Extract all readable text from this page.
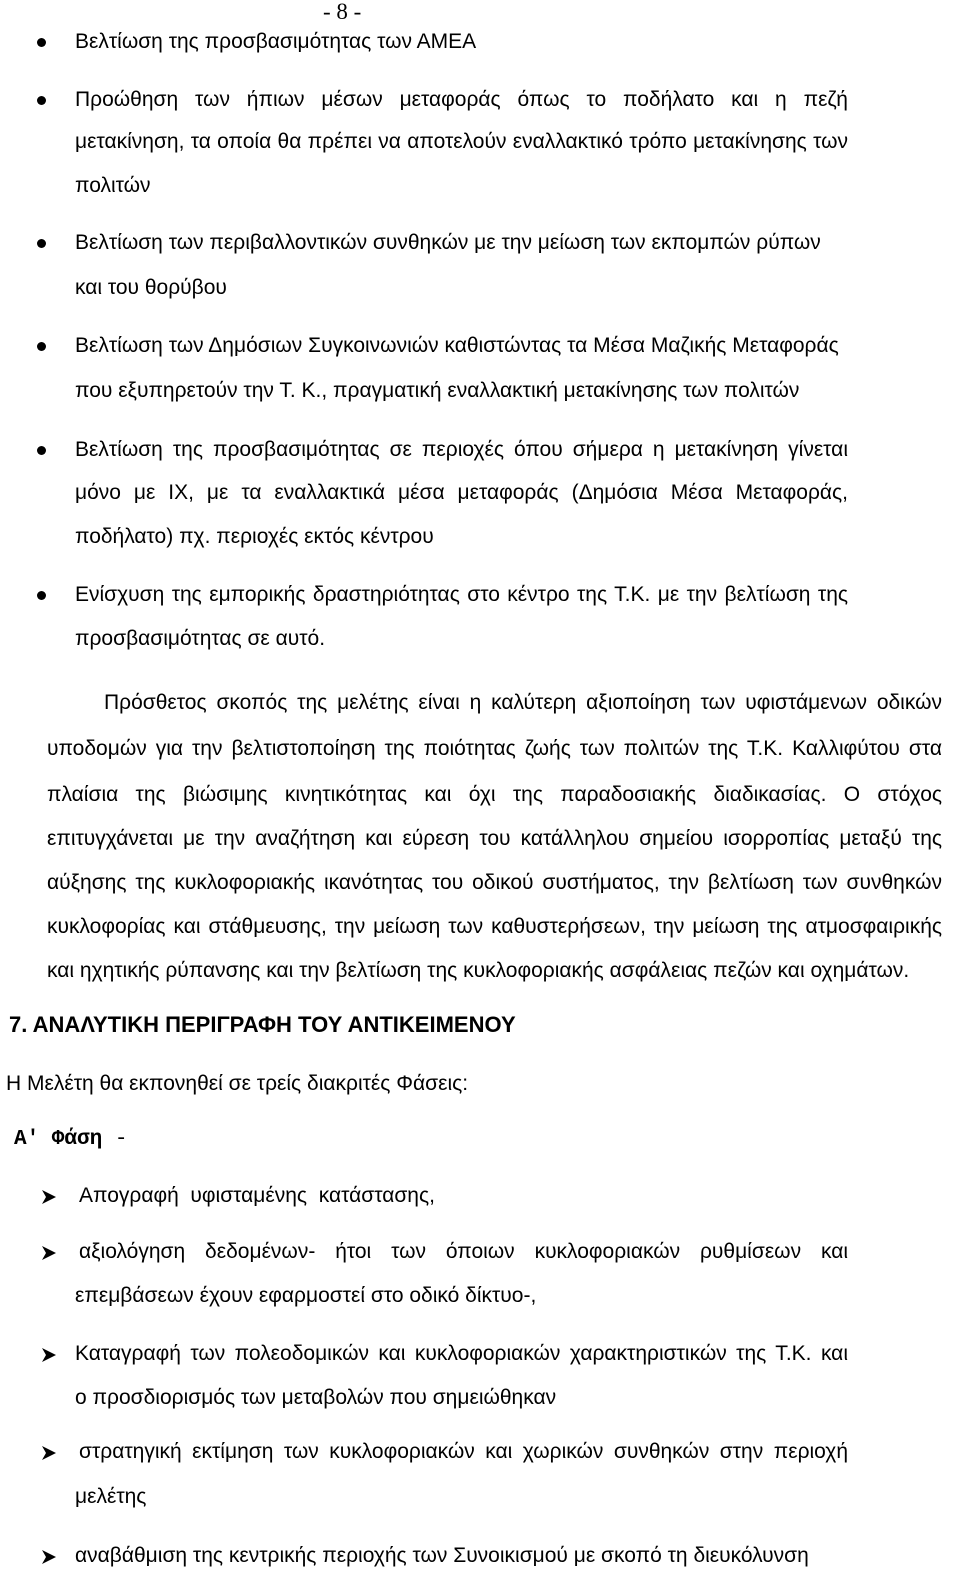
- 8 -
Βελτίωση της προσβασιμότητας των ΑΜΕΑ
Προώθηση των ήπιων μέσων μεταφοράς όπως το ποδήλατο και η πεζή
μετακίνηση, τα οποία θα πρέπει να αποτελούν εναλλακτικό τρόπο μετακίνησης των
πολιτών
Βελτίωση των περιβαλλοντικών συνθηκών με την μείωση των εκπομπών ρύπων
και του θορύβου
Βελτίωση των Δημόσιων Συγκοινωνιών καθιστώντας τα Μέσα Μαζικής Μεταφοράς
που εξυπηρετούν την Τ. Κ., πραγματική εναλλακτική μετακίνησης των πολιτών
Βελτίωση της προσβασιμότητας σε περιοχές όπου σήμερα η μετακίνηση γίνεται
μόνο με ΙΧ, με τα εναλλακτικά μέσα μεταφοράς (Δημόσια Μέσα Μεταφοράς,
ποδήλατο) πχ. περιοχές εκτός κέντρου
Ενίσχυση της εμπορικής δραστηριότητας στο κέντρο της Τ.Κ. με την βελτίωση της
προσβασιμότητας σε αυτό.
Πρόσθετος σκοπός της μελέτης είναι η καλύτερη αξιοποίηση των υφιστάμενων οδικών
υποδομών για την βελτιστοποίηση της ποιότητας ζωής των πολιτών της Τ.Κ. Καλλιφύτου στα
πλαίσια της βιώσιμης κινητικότητας και όχι της παραδοσιακής διαδικασίας. Ο στόχος
επιτυγχάνεται με την αναζήτηση και εύρεση του κατάλληλου σημείου ισορροπίας μεταξύ της
αύξησης της κυκλοφοριακής ικανότητας του οδικού συστήματος, την βελτίωση των συνθηκών
κυκλοφορίας και στάθμευσης, την μείωση των καθυστερήσεων, την μείωση της ατμοσφαιρικής
και ηχητικής ρύπανσης και την βελτίωση της κυκλοφοριακής ασφάλειας πεζών και οχημάτων.
7. ΑΝΑΛΥΤΙΚΗ ΠΕΡΙΓΡΑΦΗ ΤΟΥ ΑΝΤΙΚΕΙΜΕΝΟΥ
Η Μελέτη θα εκπονηθεί σε τρείς διακριτές Φάσεις:
Α' Φάση -
Απογραφή  υφισταμένης  κατάστασης,
αξιολόγηση δεδομένων- ήτοι των όποιων κυκλοφοριακών ρυθμίσεων και
επεμβάσεων έχουν εφαρμοστεί στο οδικό δίκτυο-,
Καταγραφή των πολεοδομικών και κυκλοφοριακών χαρακτηριστικών της Τ.Κ. και
ο προσδιορισμός των μεταβολών που σημειώθηκαν
στρατηγική εκτίμηση των κυκλοφοριακών και χωρικών συνθηκών στην περιοχή
μελέτης
αναβάθμιση της κεντρικής περιοχής των Συνοικισμού με σκοπό τη διευκόλυνση
